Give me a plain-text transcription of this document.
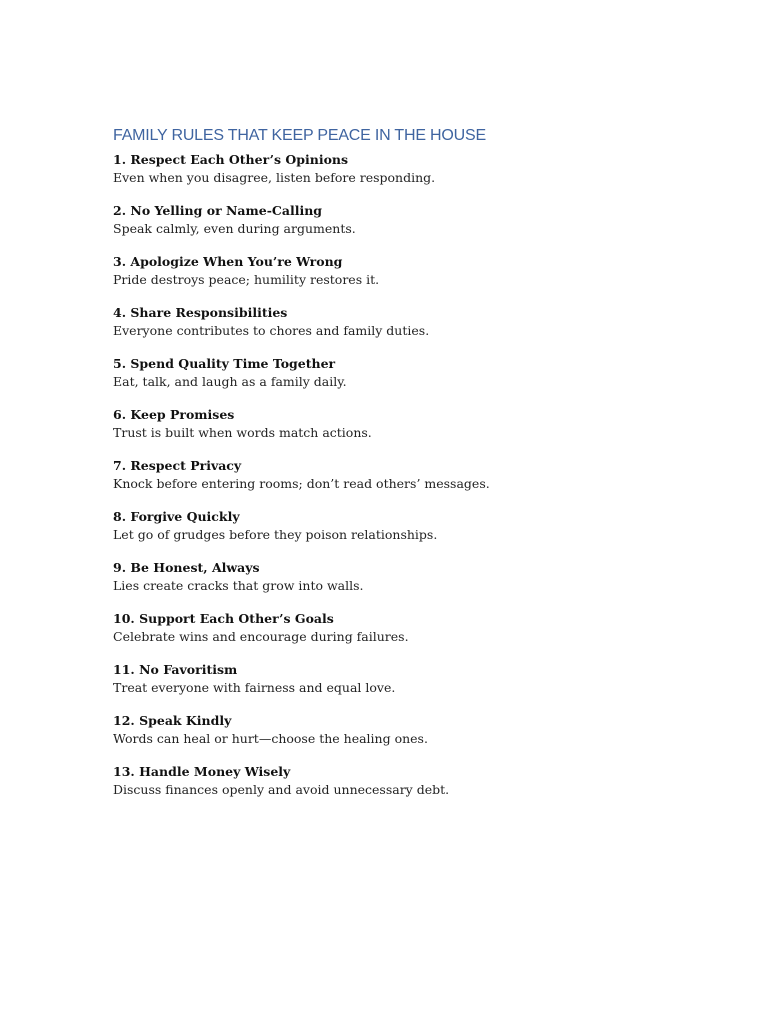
FAMILY RULES THAT KEEP PEACE IN THE HOUSE

1. Respect Each Other’s Opinions

Even when you disagree, listen before responding.

2. No Yelling or Name-Calling

Speak calmly, even during arguments.

3. Apologize When You’re Wrong

Pride destroys peace; humility restores it.

4. Share Responsibilities

Everyone contributes to chores and family duties.

5. Spend Quality Time Together

Eat, talk, and laugh as a family daily.

6. Keep Promises

Trust is built when words match actions.

7. Respect Privacy

Knock before entering rooms; don’t read others’ messages.

8. Forgive Quickly

Let go of grudges before they poison relationships.

9. Be Honest, Always

Lies create cracks that grow into walls.

10. Support Each Other’s Goals

Celebrate wins and encourage during failures.

11. No Favoritism

Treat everyone with fairness and equal love.

12. Speak Kindly

Words can heal or hurt—choose the healing ones.

13. Handle Money Wisely

Discuss finances openly and avoid unnecessary debt.
